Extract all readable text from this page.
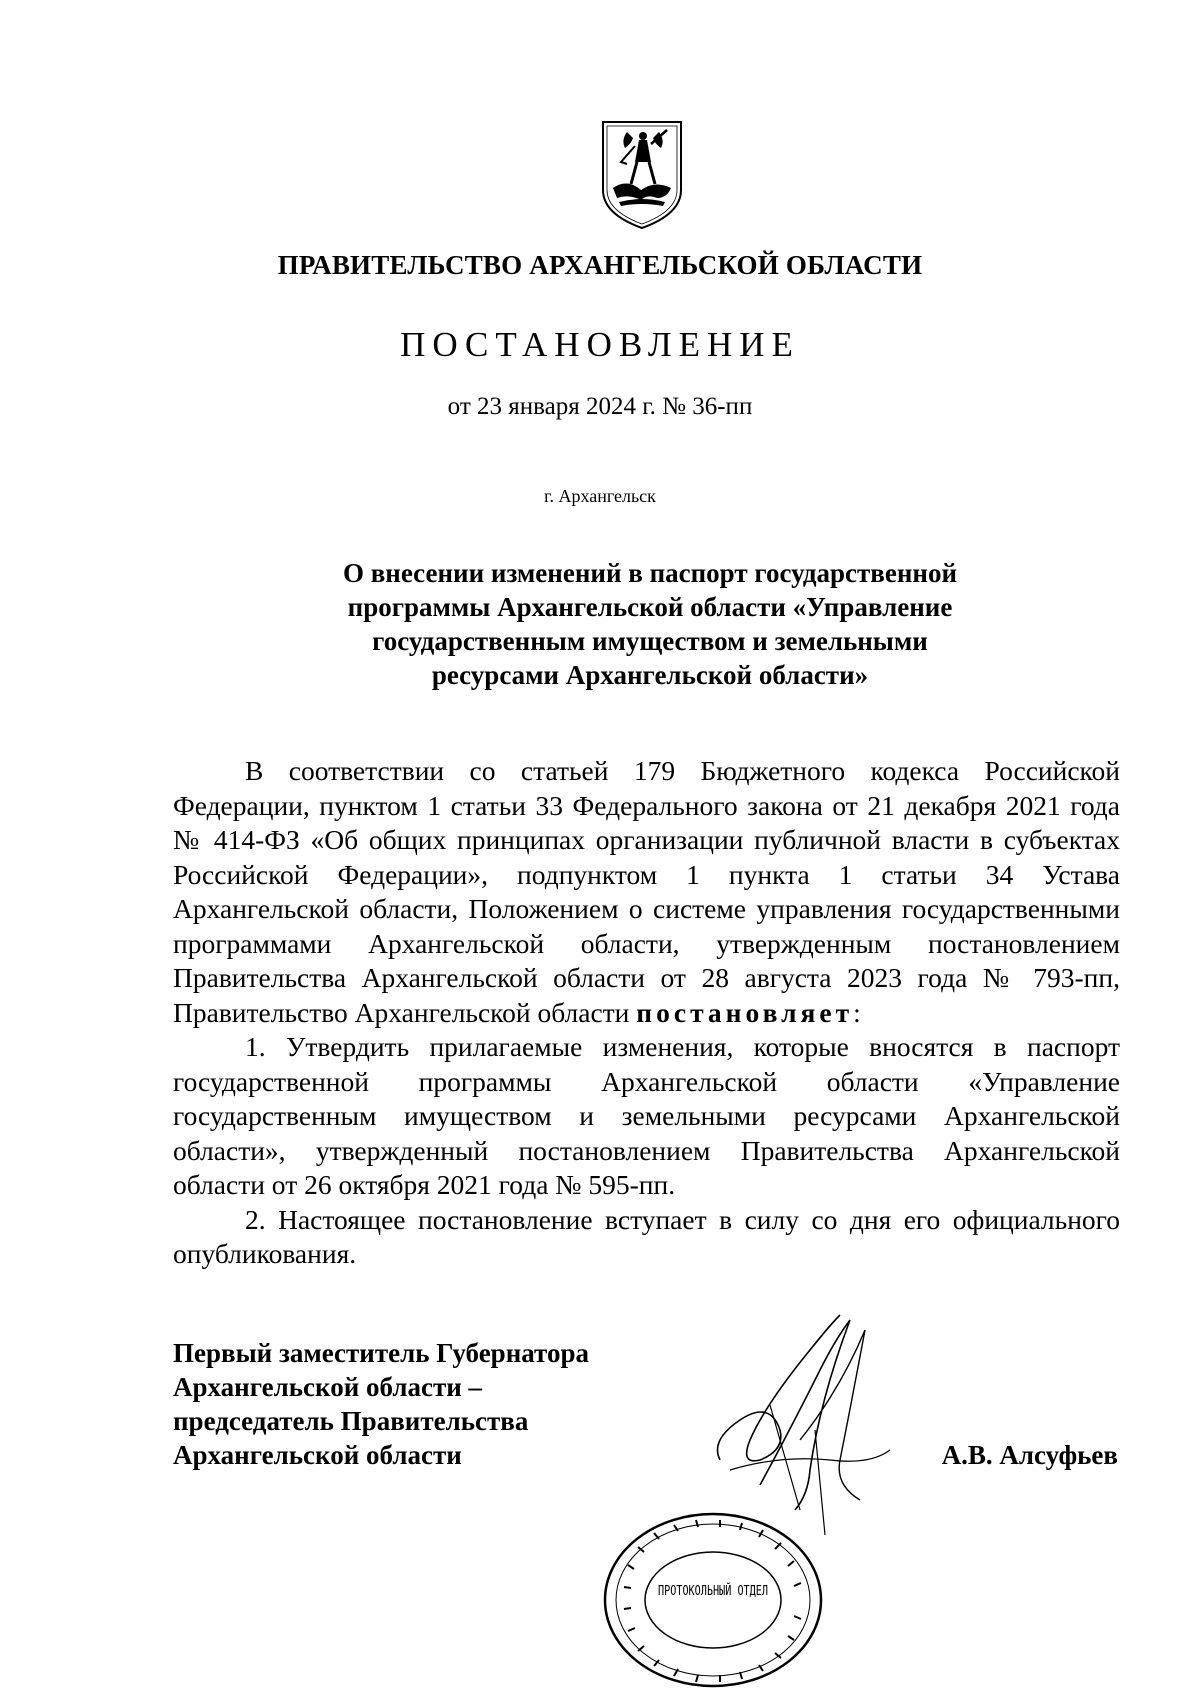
ПРАВИТЕЛЬСТВО АРХАНГЕЛЬСКОЙ ОБЛАСТИ
ПОСТАНОВЛЕНИЕ
от 23 января 2024 г. № 36-пп
г. Архангельск
О внесении изменений в паспорт государственной
программы Архангельской области «Управление
государственным имуществом и земельными
ресурсами Архангельской области»

В соответствии со статьей 179 Бюджетного кодекса Российской Федерации, пунктом 1 статьи 33 Федерального закона от 21 декабря 2021 года № 414-ФЗ «Об общих принципах организации публичной власти в субъектах Российской Федерации», подпунктом 1 пункта 1 статьи 34 Устава Архангельской области, Положением о системе управления государственными программами Архангельской области, утвержденным постановлением Правительства Архангельской области от 28 августа 2023 года № 793-пп, Правительство Архангельской области постановляет:

1. Утвердить прилагаемые изменения, которые вносятся в паспорт государственной программы Архангельской области «Управление государственным имуществом и земельными ресурсами Архангельской области», утвержденный постановлением Правительства Архангельской области от 26 октября 2021 года № 595-пп.

2. Настоящее постановление вступает в силу со дня его официального опубликования.

Первый заместитель Губернатора
Архангельской области –
председатель Правительства
Архангельской области	А.В. Алсуфьев
ПРОТОКОЛЬНЫЙ ОТДЕЛ
